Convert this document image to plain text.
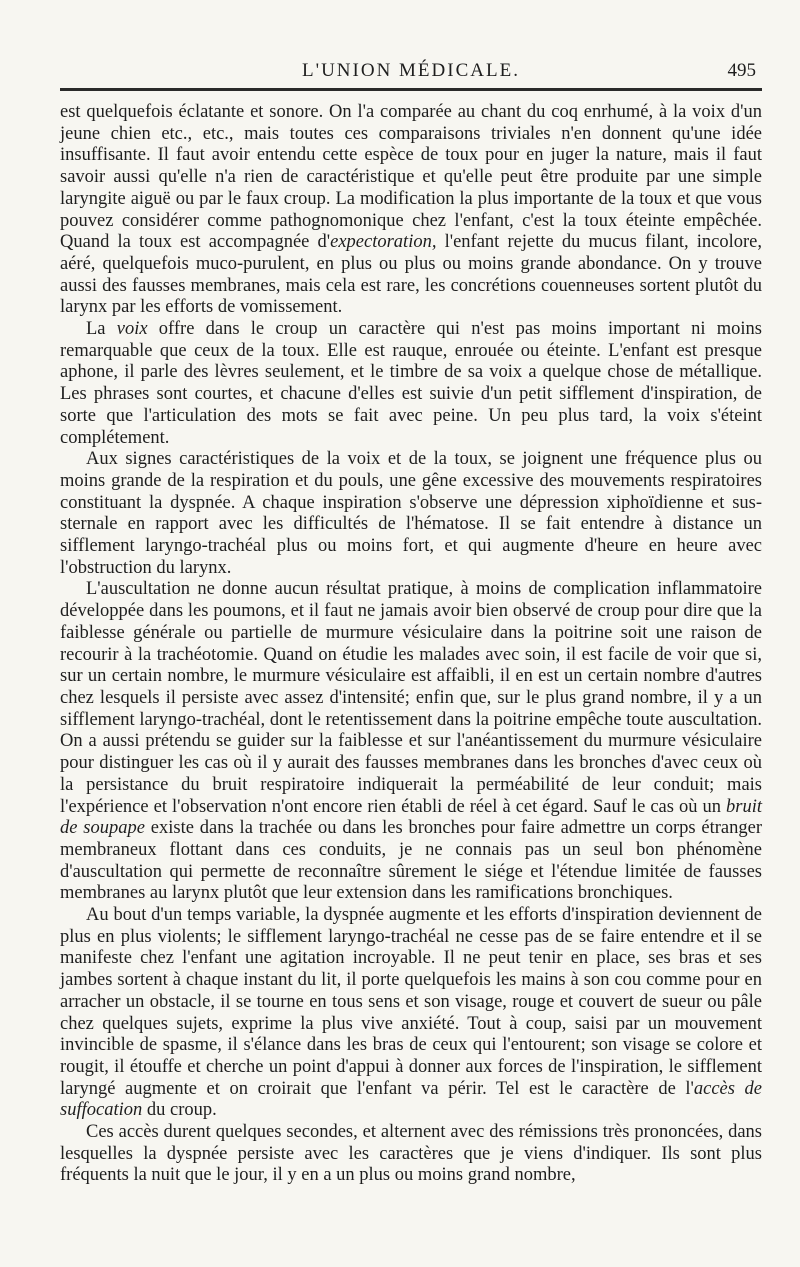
L'UNION MÉDICALE.	495

est quelquefois éclatante et sonore. On l'a comparée au chant du coq enrhumé, à la voix d'un jeune chien etc., etc., mais toutes ces comparaisons triviales n'en donnent qu'une idée insuffisante. Il faut avoir entendu cette espèce de toux pour en juger la nature, mais il faut savoir aussi qu'elle n'a rien de caractéristique et qu'elle peut être produite par une simple laryngite aiguë ou par le faux croup. La modification la plus importante de la toux et que vous pouvez considérer comme pathognomonique chez l'enfant, c'est la toux éteinte empêchée. Quand la toux est accompagnée d'expectoration, l'enfant rejette du mucus filant, incolore, aéré, quelquefois muco-purulent, en plus ou plus ou moins grande abondance. On y trouve aussi des fausses membranes, mais cela est rare, les concrétions couenneuses sortent plutôt du larynx par les efforts de vomissement.

La voix offre dans le croup un caractère qui n'est pas moins important ni moins remarquable que ceux de la toux. Elle est rauque, enrouée ou éteinte. L'enfant est presque aphone, il parle des lèvres seulement, et le timbre de sa voix a quelque chose de métallique. Les phrases sont courtes, et chacune d'elles est suivie d'un petit sifflement d'inspiration, de sorte que l'articulation des mots se fait avec peine. Un peu plus tard, la voix s'éteint complétement.

Aux signes caractéristiques de la voix et de la toux, se joignent une fréquence plus ou moins grande de la respiration et du pouls, une gêne excessive des mouvements respiratoires constituant la dyspnée. A chaque inspiration s'observe une dépression xiphoïdienne et sus-sternale en rapport avec les difficultés de l'hématose. Il se fait entendre à distance un sifflement laryngo-trachéal plus ou moins fort, et qui augmente d'heure en heure avec l'obstruction du larynx.

L'auscultation ne donne aucun résultat pratique, à moins de complication inflammatoire développée dans les poumons, et il faut ne jamais avoir bien observé de croup pour dire que la faiblesse générale ou partielle de murmure vésiculaire dans la poitrine soit une raison de recourir à la trachéotomie. Quand on étudie les malades avec soin, il est facile de voir que si, sur un certain nombre, le murmure vésiculaire est affaibli, il en est un certain nombre d'autres chez lesquels il persiste avec assez d'intensité; enfin que, sur le plus grand nombre, il y a un sifflement laryngo-trachéal, dont le retentissement dans la poitrine empêche toute auscultation. On a aussi prétendu se guider sur la faiblesse et sur l'anéantissement du murmure vésiculaire pour distinguer les cas où il y aurait des fausses membranes dans les bronches d'avec ceux où la persistance du bruit respiratoire indiquerait la perméabilité de leur conduit; mais l'expérience et l'observation n'ont encore rien établi de réel à cet égard. Sauf le cas où un bruit de soupape existe dans la trachée ou dans les bronches pour faire admettre un corps étranger membraneux flottant dans ces conduits, je ne connais pas un seul bon phénomène d'auscultation qui permette de reconnaître sûrement le siége et l'étendue limitée de fausses membranes au larynx plutôt que leur extension dans les ramifications bronchiques.

Au bout d'un temps variable, la dyspnée augmente et les efforts d'inspiration deviennent de plus en plus violents; le sifflement laryngo-trachéal ne cesse pas de se faire entendre et il se manifeste chez l'enfant une agitation incroyable. Il ne peut tenir en place, ses bras et ses jambes sortent à chaque instant du lit, il porte quelquefois les mains à son cou comme pour en arracher un obstacle, il se tourne en tous sens et son visage, rouge et couvert de sueur ou pâle chez quelques sujets, exprime la plus vive anxiété. Tout à coup, saisi par un mouvement invincible de spasme, il s'élance dans les bras de ceux qui l'entourent; son visage se colore et rougit, il étouffe et cherche un point d'appui à donner aux forces de l'inspiration, le sifflement laryngé augmente et on croirait que l'enfant va périr. Tel est le caractère de l'accès de suffocation du croup.

Ces accès durent quelques secondes, et alternent avec des rémissions très prononcées, dans lesquelles la dyspnée persiste avec les caractères que je viens d'indiquer. Ils sont plus fréquents la nuit que le jour, il y en a un plus ou moins grand nombre,
